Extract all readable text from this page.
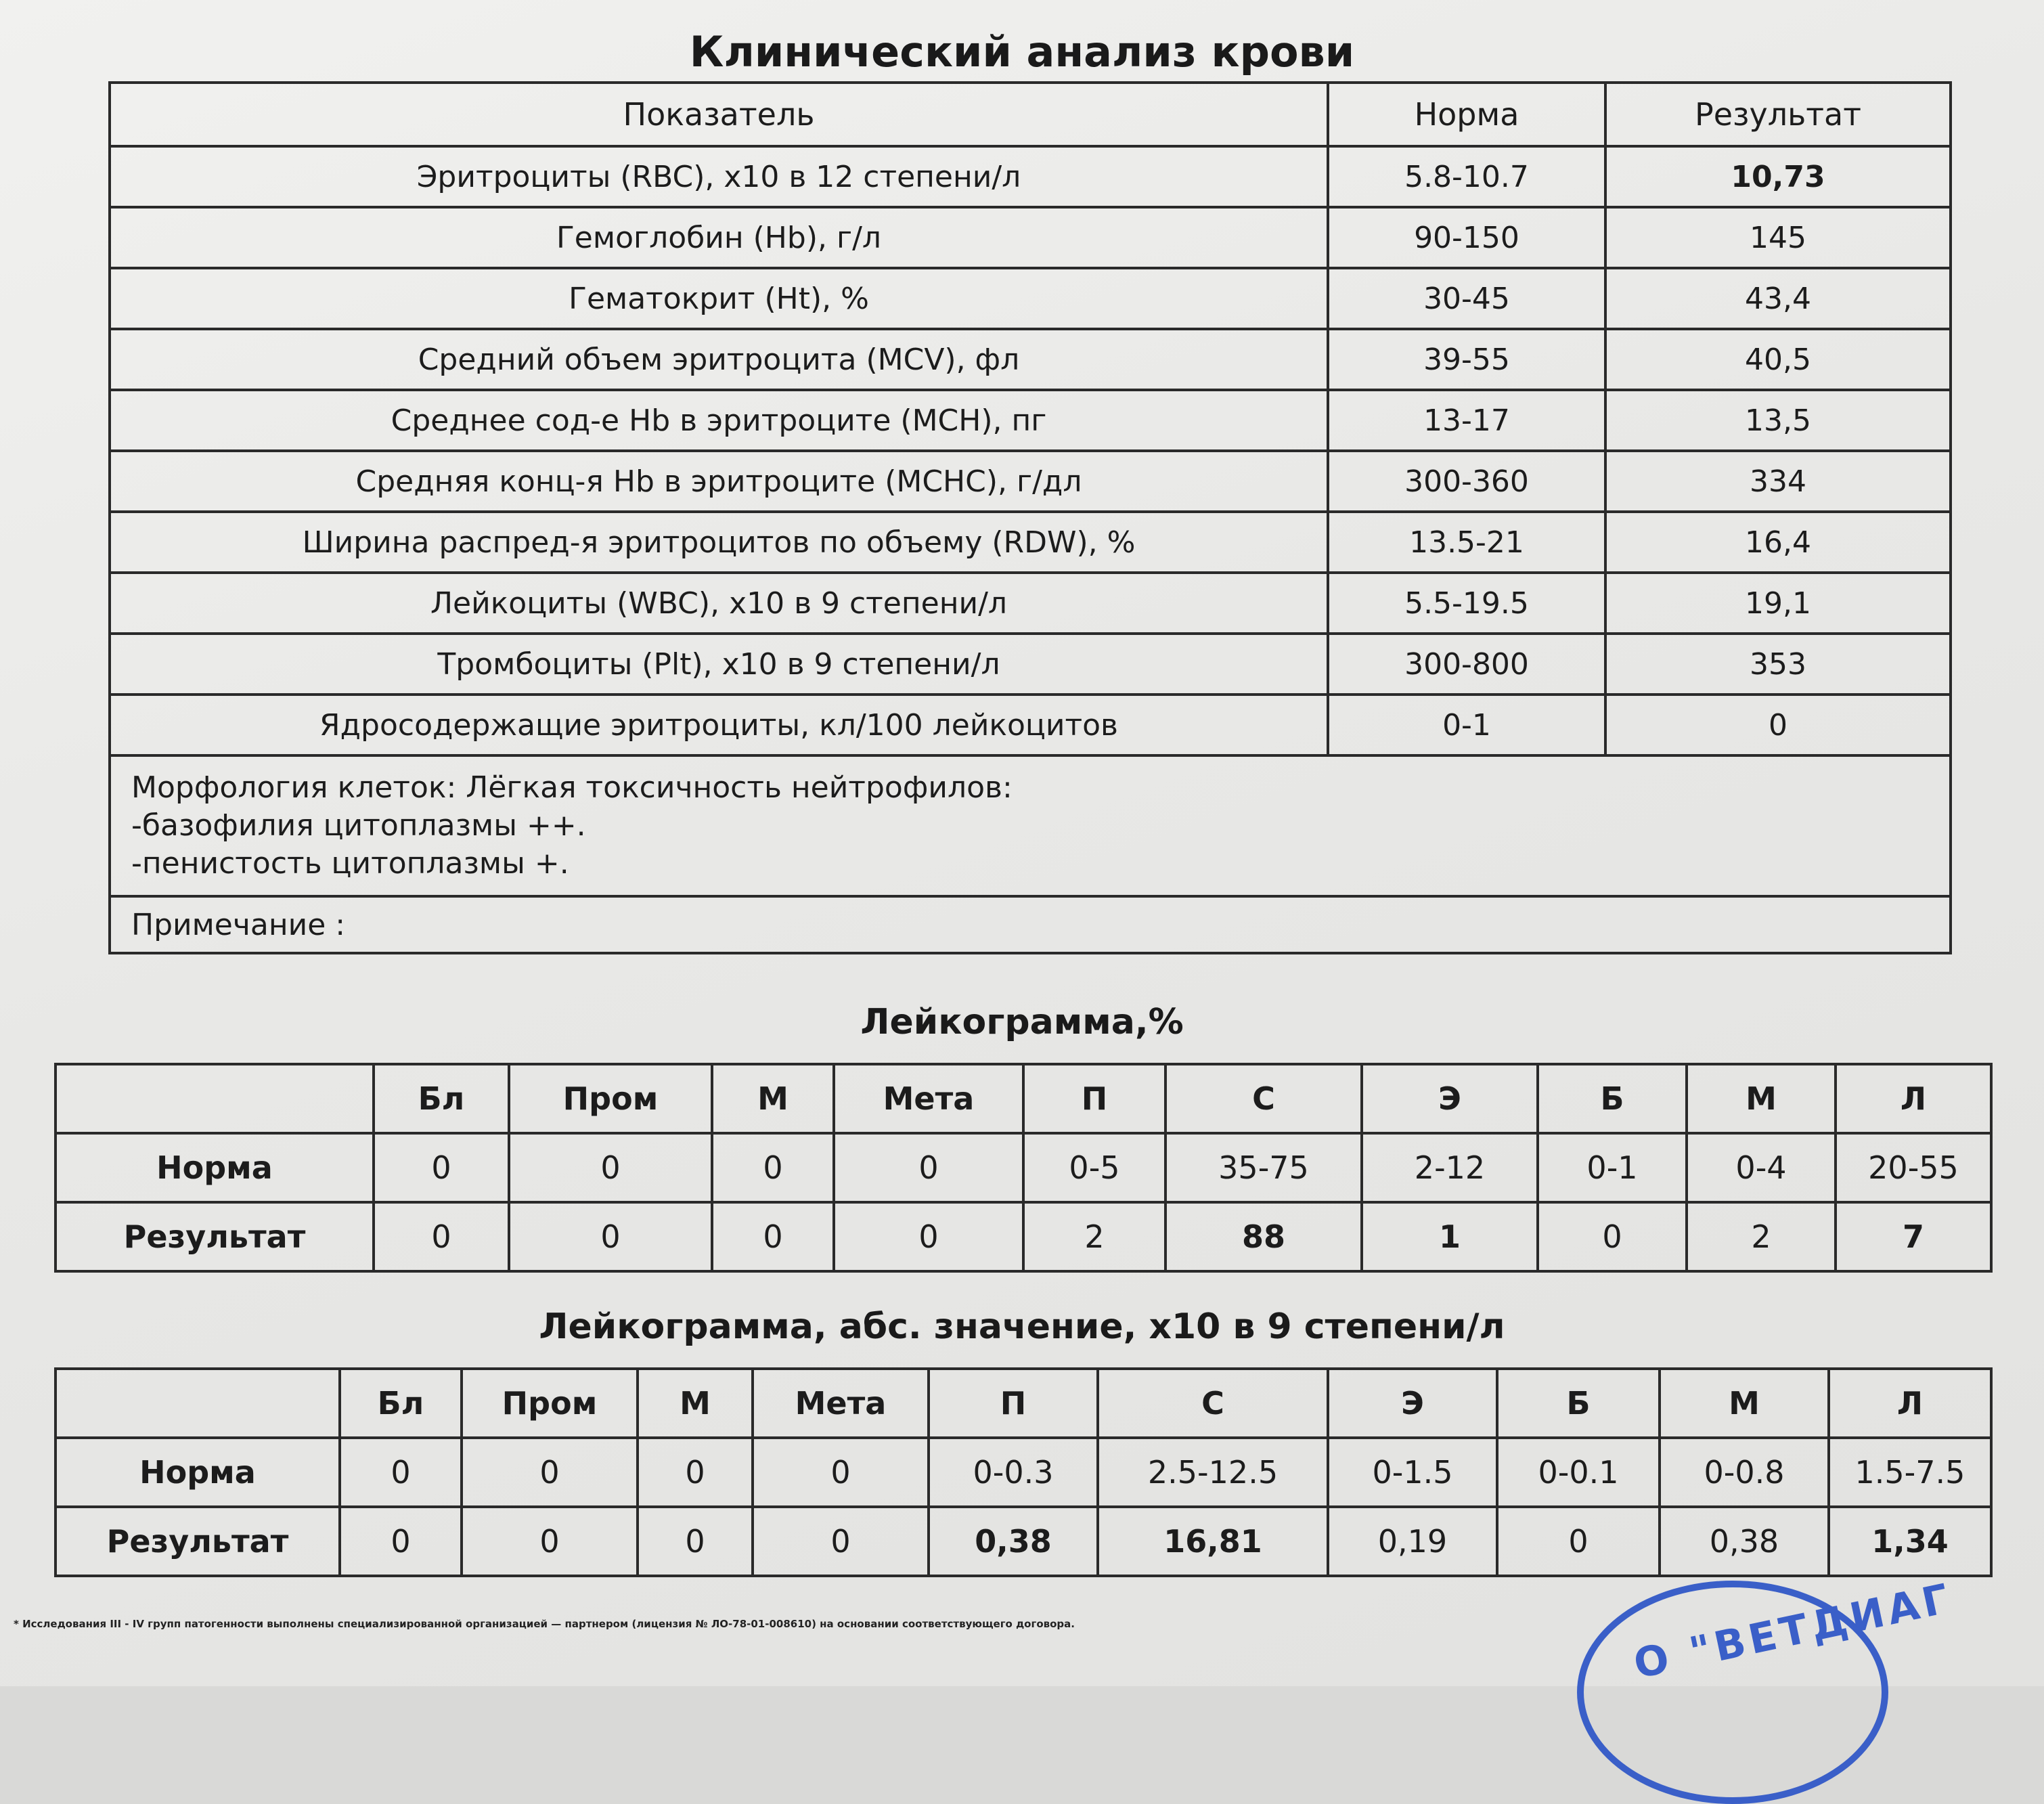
Клинический анализ крови
Показатель	Норма	Результат
Эритроциты (RBC), x10 в 12 степени/л	5.8-10.7	10,73
Гемоглобин (Hb), г/л	90-150	145
Гематокрит (Ht), %	30-45	43,4
Средний объем эритроцита (MCV), фл	39-55	40,5
Среднее сод-е Hb в эритроците (MCH), пг	13-17	13,5
Средняя конц-я Hb в эритроците (MCHC), г/дл	300-360	334
Ширина распред-я эритроцитов по объему (RDW), %	13.5-21	16,4
Лейкоциты (WBC), x10 в 9 степени/л	5.5-19.5	19,1
Тромбоциты (Plt), x10 в 9 степени/л	300-800	353
Ядросодержащие эритроциты, кл/100 лейкоцитов	0-1	0

Морфология клеток: Лёгкая токсичность нейтрофилов:
-базофилия цитоплазмы ++.
-пенистость цитоплазмы +.		

Примечание :		
Лейкограмма,%
	Бл	Пром	М	Мета	П	С	Э	Б	М	Л
Норма	0	0	0	0	0-5	35-75	2-12	0-1	0-4	20-55
Результат	0	0	0	0	2	88	1	0	2	7
Лейкограмма, абс. значение, x10 в 9 степени/л
	Бл	Пром	М	Мета	П	С	Э	Б	М	Л
Норма	0	0	0	0	0-0.3	2.5-12.5	0-1.5	0-0.1	0-0.8	1.5-7.5
Результат	0	0	0	0	0,38	16,81	0,19	0	0,38	1,34
* Исследования III - IV групп патогенности выполнены специализированной организацией — партнером (лицензия № ЛО-78-01-008610) на основании соответствующего договора.	О "ВЕТДИАГ
